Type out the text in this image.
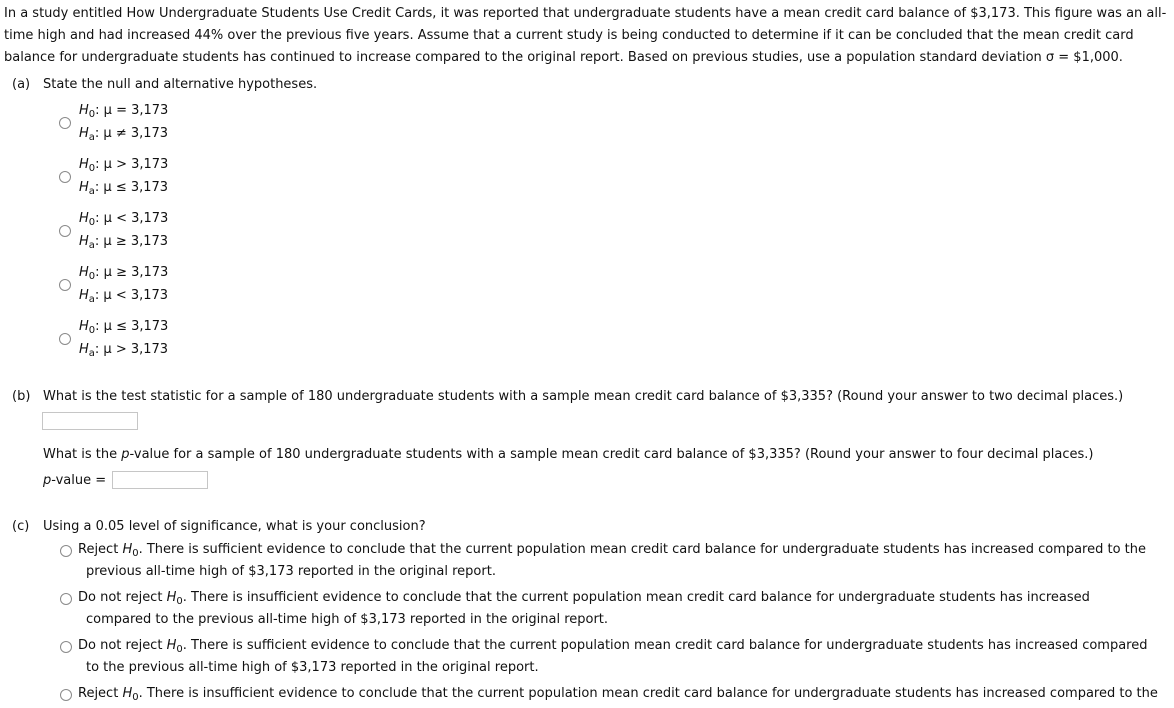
In a study entitled How Undergraduate Students Use Credit Cards, it was reported that undergraduate students have a mean credit card balance of $3,173. This figure was an all-time high and had increased 44% over the previous five years. Assume that a current study is being conducted to determine if it can be concluded that the mean credit card balance for undergraduate students has continued to increase compared to the original report. Based on previous studies, use a population standard deviation σ = $1,000.

(a) State the null and alternative hypotheses.
$H_0$: μ = 3,173
$H_a$: μ ≠ 3,173
$H_0$: μ > 3,173
$H_a$: μ ≤ 3,173
$H_0$: μ < 3,173
$H_a$: μ ≥ 3,173
$H_0$: μ ≥ 3,173
$H_a$: μ < 3,173
$H_0$: μ ≤ 3,173
$H_a$: μ > 3,173
(b) What is the test statistic for a sample of 180 undergraduate students with a sample mean credit card balance of $3,335? (Round your answer to two decimal places.)
What is the p-value for a sample of 180 undergraduate students with a sample mean credit card balance of $3,335? (Round your answer to four decimal places.)
p-value =
(c) Using a 0.05 level of significance, what is your conclusion?
Reject $H_0$. There is sufficient evidence to conclude that the current population mean credit card balance for undergraduate students has increased compared to the
previous all-time high of $3,173 reported in the original report.
Do not reject $H_0$. There is insufficient evidence to conclude that the current population mean credit card balance for undergraduate students has increased
compared to the previous all-time high of $3,173 reported in the original report.
Do not reject $H_0$. There is sufficient evidence to conclude that the current population mean credit card balance for undergraduate students has increased compared
to the previous all-time high of $3,173 reported in the original report.
Reject $H_0$. There is insufficient evidence to conclude that the current population mean credit card balance for undergraduate students has increased compared to the
